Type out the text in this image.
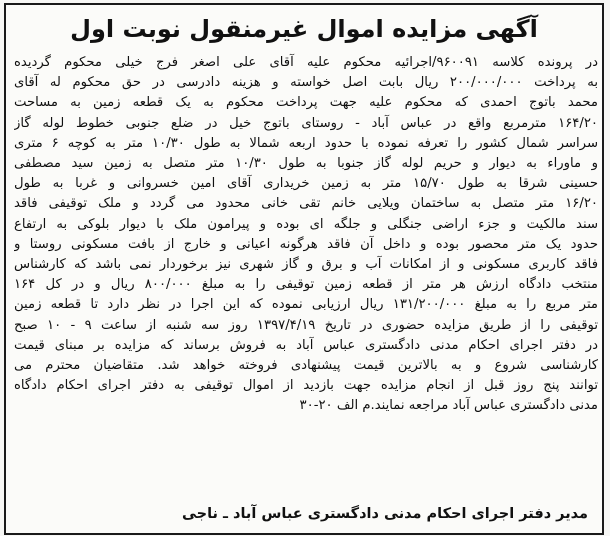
آگهی مزایده اموال غیرمنقول نوبت اول
در پرونده کلاسه ۹۶۰۰۹۱/اجرائیه محکوم علیه آقای علی اصغر فرج خیلی محکوم گردیده
به پرداخت ۲۰۰/۰۰۰/۰۰۰ ریال بابت اصل خواسته و هزینه دادرسی در حق محکوم له آقای
محمد باتوج احمدی که محکوم علیه جهت پرداخت محکوم به یک قطعه زمین به مساحت
۱۶۴/۲۰ مترمربع واقع در عباس آباد - روستای باتوج خیل در ضلع جنوبی خطوط لوله گاز
سراسر شمال کشور را تعرفه نموده با حدود اربعه شمالا به طول ۱۰/۳۰ متر به کوچه ۶ متری
و ماوراء به دیوار و حریم لوله گاز جنوبا به طول ۱۰/۳۰ متر متصل به زمین سید مصطفی
حسینی شرقا به طول ۱۵/۷۰ متر به زمین خریداری آقای امین خسروانی و غربا به طول
۱۶/۲۰ متر متصل به ساختمان ویلایی خانم تقی خانی محدود می گردد و ملک توقیفی فاقد
سند مالکیت و جزء اراضی جنگلی و جلگه ای بوده و پیرامون ملک با دیوار بلوکی به ارتفاع
حدود یک متر محصور بوده و داخل آن فاقد هرگونه اعیانی و خارج از بافت مسکونی روستا و
فاقد کاربری مسکونی و از امکانات آب و برق و گاز شهری نیز برخوردار نمی باشد که کارشناس
منتخب دادگاه ارزش هر متر از قطعه زمین توقیفی را به مبلغ ۸۰۰/۰۰۰ ریال و در کل ۱۶۴
متر مربع را به مبلغ ۱۳۱/۲۰۰/۰۰۰ ریال ارزیابی نموده که این اجرا در نظر دارد تا قطعه زمین
توقیفی را از طریق مزایده حضوری در تاریخ ۱۳۹۷/۴/۱۹ روز سه شنبه از ساعت ۹ - ۱۰ صبح
در دفتر اجرای احکام مدنی دادگستری عباس آباد به فروش برساند که مزایده بر مبنای قیمت
کارشناسی شروع و به بالاترین قیمت پیشنهادی فروخته خواهد شد. متقاضیان محترم می
توانند پنج روز قبل از انجام مزایده جهت بازدید از اموال توقیفی به دفتر اجرای احکام دادگاه
مدنی دادگستری عباس آباد مراجعه نمایند.م الف ۲۰-۳۰
مدیر دفتر اجرای احکام مدنی دادگستری عباس آباد ـ ناجی
